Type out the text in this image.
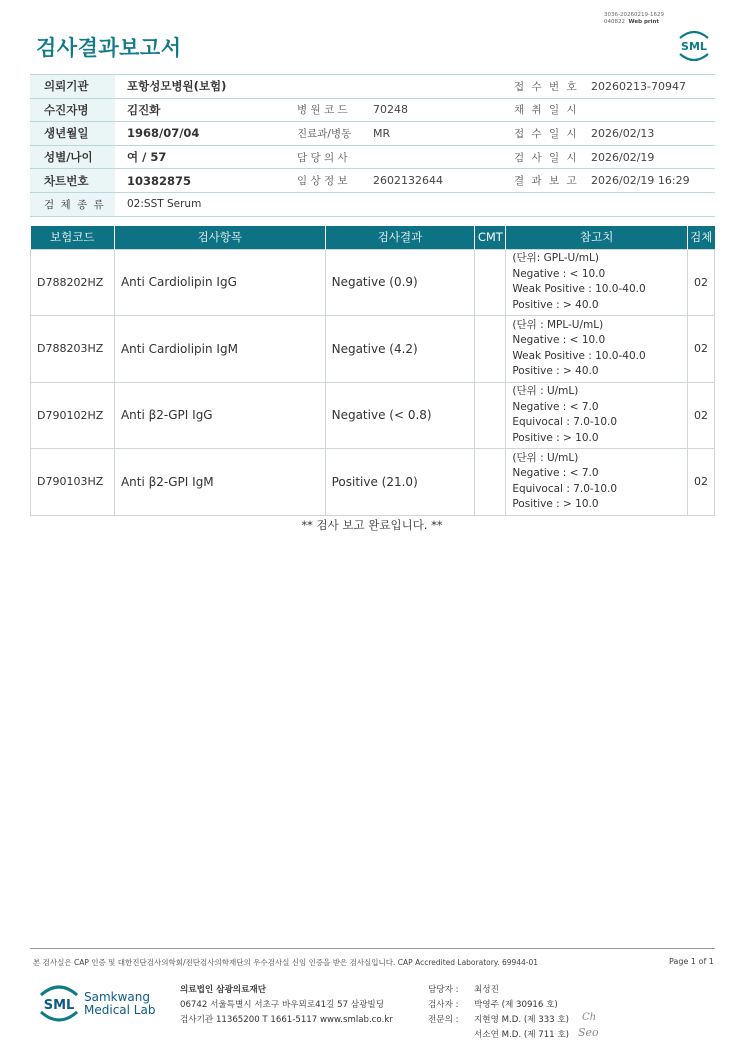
검사결과보고서
3036-20260219-1629
040822 Web print
SML
의뢰기관	포항성모병원(보험)			접 수 번 호	20260213-70947
수진자명	김진화	병 원 코 드	70248	채 취 일 시	
생년월일	1968/07/04	진료과/병동	MR	접 수 일 시	2026/02/13
성별/나이	여 / 57	담 당 의 사		검 사 일 시	2026/02/19
차트번호	10382875	임 상 정 보	2602132644	결 과 보 고	2026/02/19 16:29
검 체 종 류	02:SST Serum				
보험코드	검사항목	검사결과	CMT	참고치	검체
D788202HZ	Anti Cardiolipin IgG	Negative (0.9)		(단위: GPL-U/mL)
Negative : < 10.0
Weak Positive : 10.0-40.0
Positive : > 40.0	02
D788203HZ	Anti Cardiolipin IgM	Negative (4.2)		(단위 : MPL-U/mL)
Negative : < 10.0
Weak Positive : 10.0-40.0
Positive : > 40.0	02
D790102HZ	Anti β2-GPI IgG	Negative (< 0.8)		(단위 : U/mL)
Negative : < 7.0
Equivocal : 7.0-10.0
Positive : > 10.0	02
D790103HZ	Anti β2-GPI IgM	Positive (21.0)		(단위 : U/mL)
Negative : < 7.0
Equivocal : 7.0-10.0
Positive : > 10.0	02
** 검사 보고 완료입니다. **
본 검사실은 CAP 인증 및 대한진단검사의학회/진단검사의학재단의 우수검사실 신임 인증을 받은 검사실입니다. CAP Accredited Laboratory. 69944-01	Page 1 of 1
SML
Samkwang
Medical Lab
의료법인 삼광의료재단
06742 서울특별시 서초구 바우뫼로41길 57 삼광빌딩
검사기관 11365200 T 1661-5117 www.smlab.co.kr
담당자 : 최성진
검사자 : 박영주 (제 30916 호)
전문의 : 지현영 M.D. (제 333 호)
서소연 M.D. (제 711 호)
Ch
Seo
